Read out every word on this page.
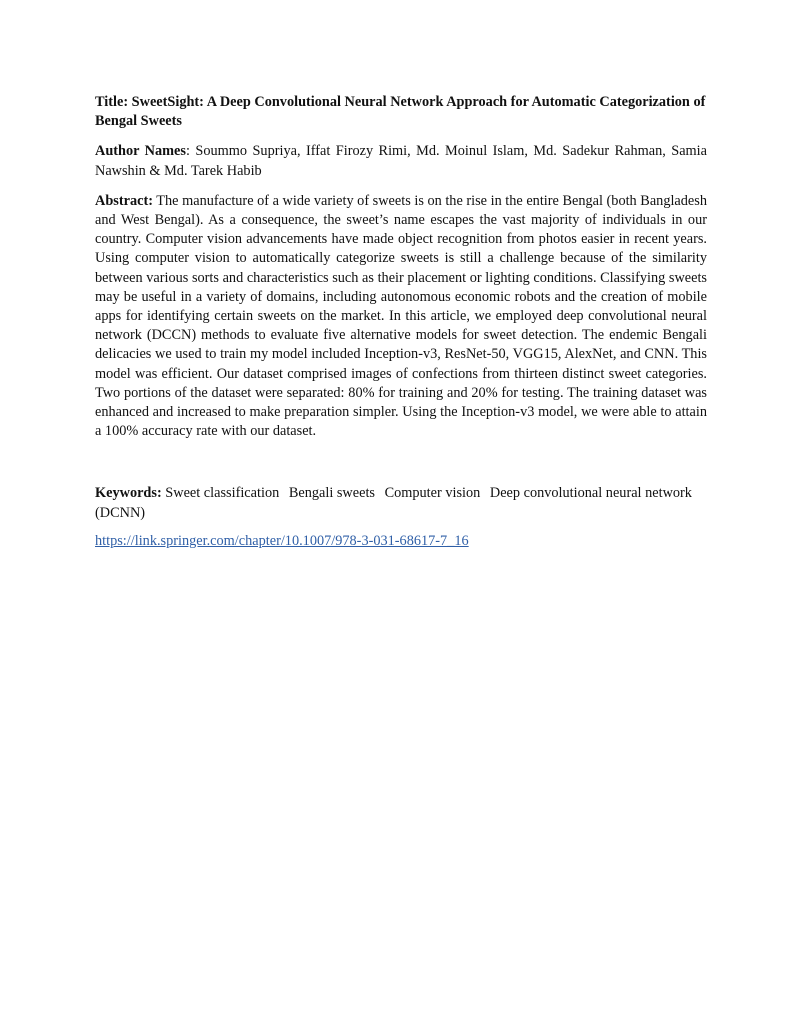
Title: SweetSight: A Deep Convolutional Neural Network Approach for Automatic Categorization of Bengal Sweets

Author Names: Soummo Supriya, Iffat Firozy Rimi, Md. Moinul Islam, Md. Sadekur Rahman, Samia Nawshin & Md. Tarek Habib

Abstract: The manufacture of a wide variety of sweets is on the rise in the entire Bengal (both Bangladesh and West Bengal). As a consequence, the sweet’s name escapes the vast majority of individuals in our country. Computer vision advancements have made object recognition from photos easier in recent years. Using computer vision to automatically categorize sweets is still a challenge because of the similarity between various sorts and characteristics such as their placement or lighting conditions. Classifying sweets may be useful in a variety of domains, including autonomous economic robots and the creation of mobile apps for identifying certain sweets on the market. In this article, we employed deep convolutional neural network (DCCN) methods to evaluate five alternative models for sweet detection. The endemic Bengali delicacies we used to train my model included Inception-v3, ResNet-50, VGG15, AlexNet, and CNN. This model was efficient. Our dataset comprised images of confections from thirteen distinct sweet categories. Two portions of the dataset were separated: 80% for training and 20% for testing. The training dataset was enhanced and increased to make preparation simpler. Using the Inception-v3 model, we were able to attain a 100% accuracy rate with our dataset.

Keywords: Sweet classification Bengali sweets Computer vision Deep convolutional neural network (DCNN)

https://link.springer.com/chapter/10.1007/978-3-031-68617-7_16
